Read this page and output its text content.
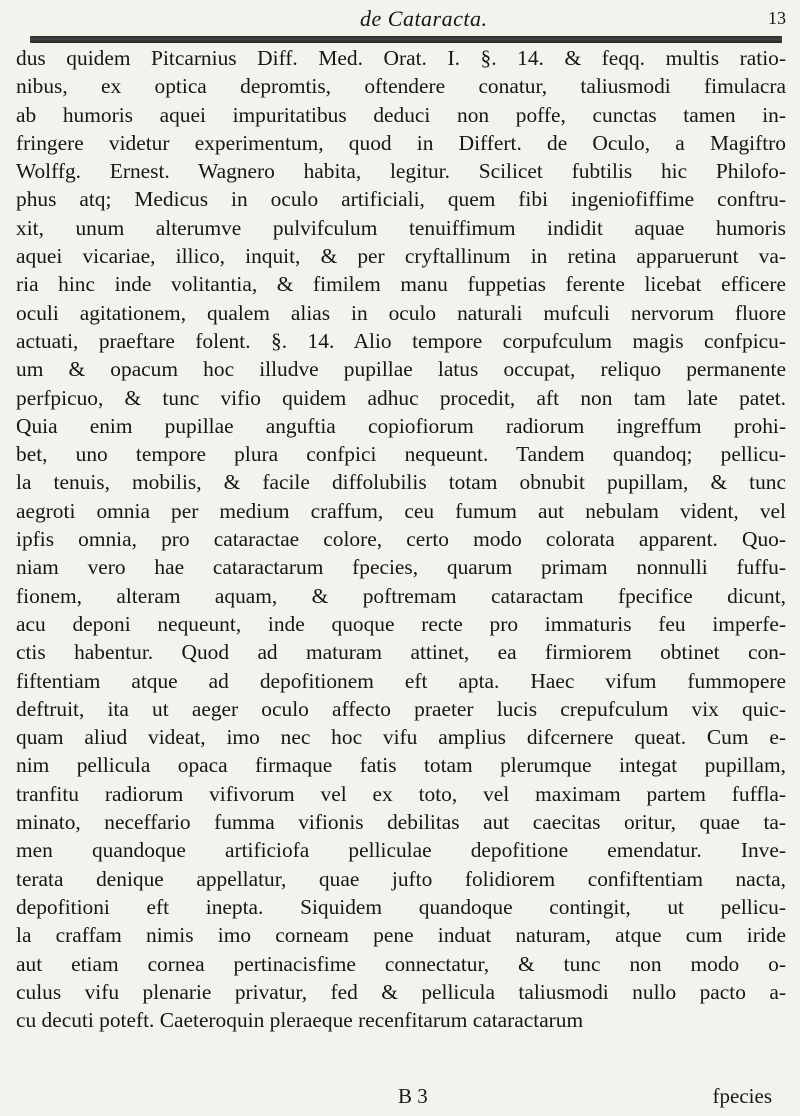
de Cataracta.	13
dus quidem Pitcarnius Diff. Med. Orat. I. §. 14. & feqq. multis ratio-
nibus, ex optica depromtis, oftendere conatur, taliusmodi fimulacra
ab humoris aquei impuritatibus deduci non poffe, cunctas tamen in-
fringere videtur experimentum, quod in Differt. de Oculo, a Magiftro
Wolffg. Ernest. Wagnero habita, legitur. Scilicet fubtilis hic Philofo-
phus atq; Medicus in oculo artificiali, quem fibi ingeniofiffime conftru-
xit, unum alterumve pulvifculum tenuiffimum indidit aquae humoris
aquei vicariae, illico, inquit, & per cryftallinum in retina apparuerunt va-
ria hinc inde volitantia, & fimilem manu fuppetias ferente licebat efficere
oculi agitationem, qualem alias in oculo naturali mufculi nervorum fluore
actuati, praeftare folent. §. 14. Alio tempore corpufculum magis confpicu-
um & opacum hoc illudve pupillae latus occupat, reliquo permanente
perfpicuo, & tunc vifio quidem adhuc procedit, aft non tam late patet.
Quia enim pupillae anguftia copiofiorum radiorum ingreffum prohi-
bet, uno tempore plura confpici nequeunt. Tandem quandoq; pellicu-
la tenuis, mobilis, & facile diffolubilis totam obnubit pupillam, & tunc
aegroti omnia per medium craffum, ceu fumum aut nebulam vident, vel
ipfis omnia, pro cataractae colore, certo modo colorata apparent. Quo-
niam vero hae cataractarum fpecies, quarum primam nonnulli fuffu-
fionem, alteram aquam, & poftremam cataractam fpecifice dicunt,
acu deponi nequeunt, inde quoque recte pro immaturis feu imperfe-
ctis habentur. Quod ad maturam attinet, ea firmiorem obtinet con-
fiftentiam atque ad depofitionem eft apta. Haec vifum fummopere
deftruit, ita ut aeger oculo affecto praeter lucis crepufculum vix quic-
quam aliud videat, imo nec hoc vifu amplius difcernere queat. Cum e-
nim pellicula opaca firmaque fatis totam plerumque integat pupillam,
tranfitu radiorum vifivorum vel ex toto, vel maximam partem fuffla-
minato, neceffario fumma vifionis debilitas aut caecitas oritur, quae ta-
men quandoque artificiofa pelliculae depofitione emendatur. Inve-
terata denique appellatur, quae jufto folidiorem confiftentiam nacta,
depofitioni eft inepta. Siquidem quandoque contingit, ut pellicu-
la craffam nimis imo corneam pene induat naturam, atque cum iride
aut etiam cornea pertinacisfime connectatur, & tunc non modo o-
culus vifu plenarie privatur, fed & pellicula taliusmodi nullo pacto a-
cu decuti poteft. Caeteroquin pleraeque recenfitarum cataractarum
B 3	fpecies
